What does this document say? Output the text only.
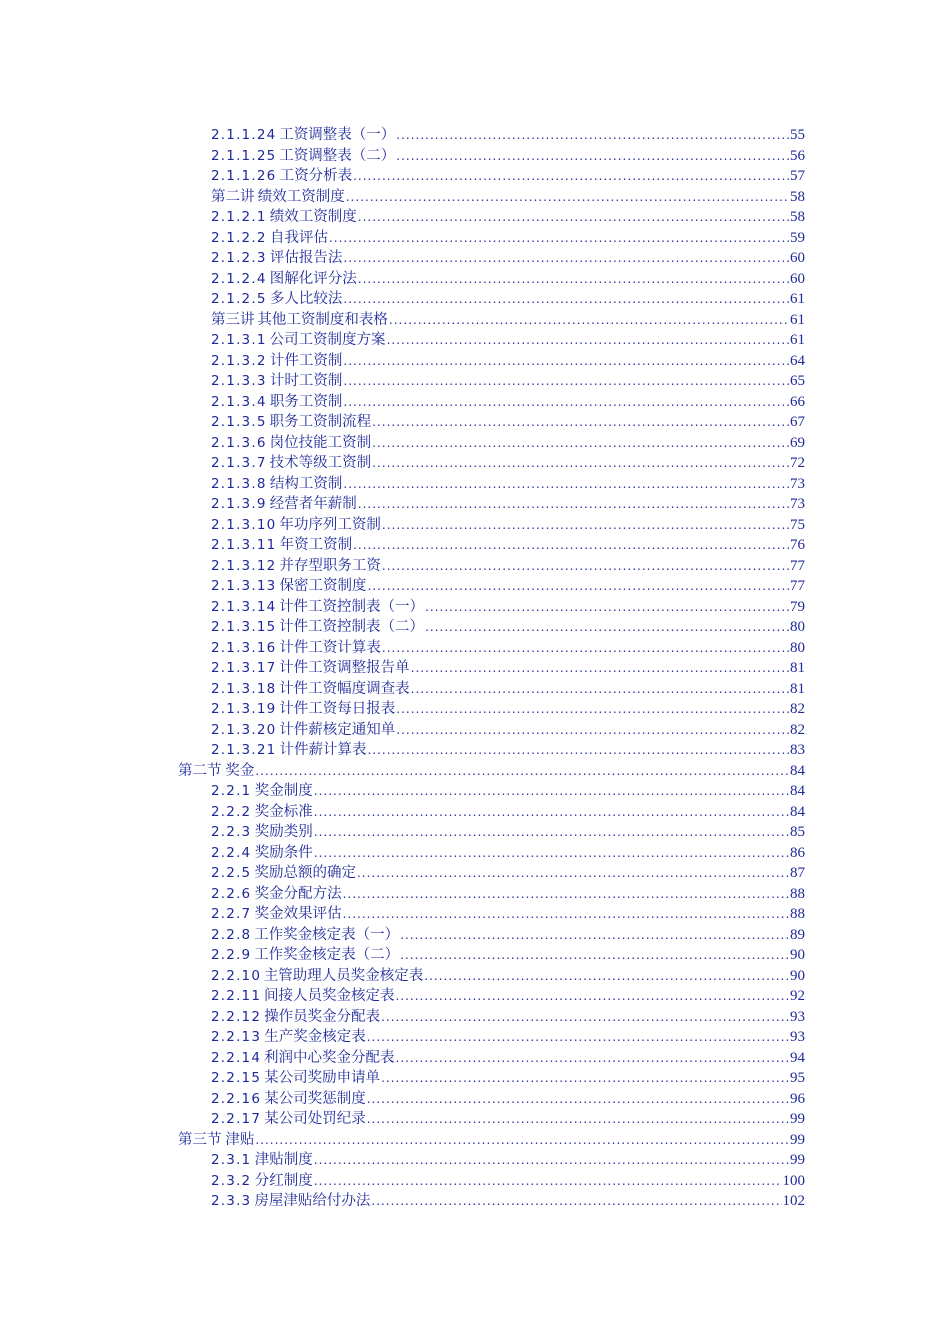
2.1.1.24 工资调整表（一） .....	55
2.1.1.25 工资调整表（二） .....	56
2.1.1.26 工资分析表 .....	57
第二讲 绩效工资制度 .....	58
2.1.2.1 绩效工资制度 .....	58
2.1.2.2 自我评估 .....	59
2.1.2.3 评估报告法 .....	60
2.1.2.4 图解化评分法 .....	60
2.1.2.5 多人比较法 .....	61
第三讲 其他工资制度和表格 .....	61
2.1.3.1 公司工资制度方案 .....	61
2.1.3.2 计件工资制 .....	64
2.1.3.3 计时工资制 .....	65
2.1.3.4 职务工资制 .....	66
2.1.3.5 职务工资制流程 .....	67
2.1.3.6 岗位技能工资制 .....	69
2.1.3.7 技术等级工资制 .....	72
2.1.3.8 结构工资制 .....	73
2.1.3.9 经营者年薪制 .....	73
2.1.3.10 年功序列工资制 .....	75
2.1.3.11 年资工资制 .....	76
2.1.3.12 并存型职务工资 .....	77
2.1.3.13 保密工资制度 .....	77
2.1.3.14 计件工资控制表（一） .....	79
2.1.3.15 计件工资控制表（二） .....	80
2.1.3.16 计件工资计算表 .....	80
2.1.3.17 计件工资调整报告单 .....	81
2.1.3.18 计件工资幅度调查表 .....	81
2.1.3.19 计件工资每日报表 .....	82
2.1.3.20 计件薪核定通知单 .....	82
2.1.3.21 计件薪计算表 .....	83
第二节 奖金 .....	84
2.2.1 奖金制度 .....	84
2.2.2 奖金标准 .....	84
2.2.3 奖励类别 .....	85
2.2.4 奖励条件 .....	86
2.2.5 奖励总额的确定 .....	87
2.2.6 奖金分配方法 .....	88
2.2.7 奖金效果评估 .....	88
2.2.8 工作奖金核定表（一） .....	89
2.2.9 工作奖金核定表（二） .....	90
2.2.10 主管助理人员奖金核定表 .....	90
2.2.11 间接人员奖金核定表 .....	92
2.2.12 操作员奖金分配表 .....	93
2.2.13 生产奖金核定表 .....	93
2.2.14 利润中心奖金分配表 .....	94
2.2.15 某公司奖励申请单 .....	95
2.2.16 某公司奖惩制度 .....	96
2.2.17 某公司处罚纪录 .....	99
第三节 津贴 .....	99
2.3.1 津贴制度 .....	99
2.3.2 分红制度 .....	100
2.3.3 房屋津贴给付办法 .....	102
